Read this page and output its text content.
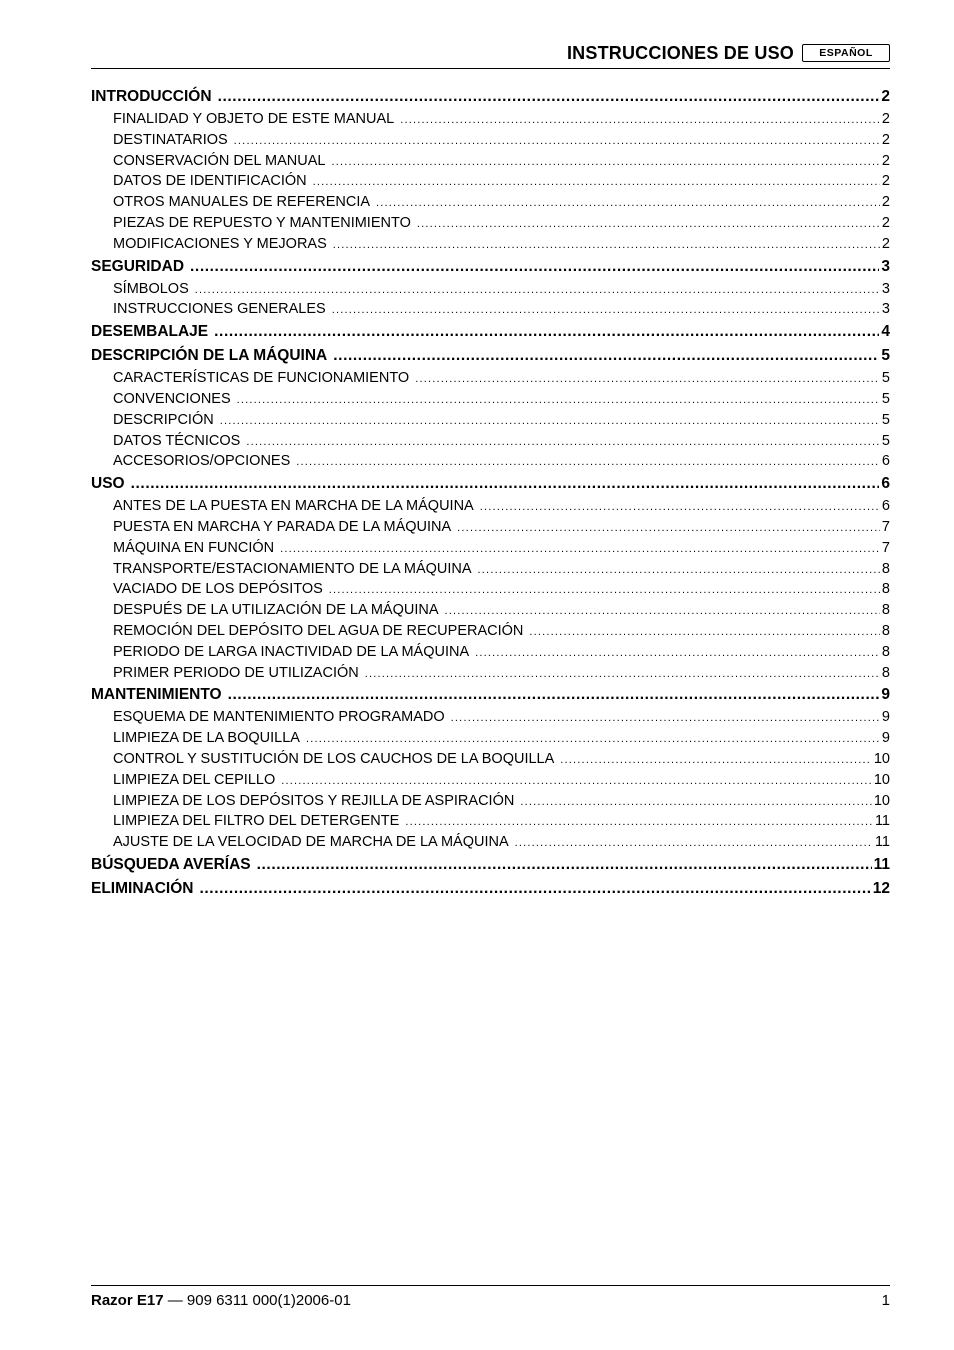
INSTRUCCIONES DE USO	ESPAÑOL
INTRODUCCIÓN .....	2
FINALIDAD Y OBJETO DE ESTE MANUAL .....	2
DESTINATARIOS .....	2
CONSERVACIÓN DEL MANUAL .....	2
DATOS DE IDENTIFICACIÓN .....	2
OTROS MANUALES DE REFERENCIA .....	2
PIEZAS DE REPUESTO Y MANTENIMIENTO .....	2
MODIFICACIONES Y MEJORAS .....	2
SEGURIDAD .....	3
SÍMBOLOS .....	3
INSTRUCCIONES GENERALES .....	3
DESEMBALAJE .....	4
DESCRIPCIÓN DE LA MÁQUINA .....	5
CARACTERÍSTICAS DE FUNCIONAMIENTO .....	5
CONVENCIONES .....	5
DESCRIPCIÓN .....	5
DATOS TÉCNICOS .....	5
ACCESORIOS/OPCIONES .....	6
USO .....	6
ANTES DE LA PUESTA EN MARCHA DE LA MÁQUINA .....	6
PUESTA EN MARCHA Y PARADA DE LA MÁQUINA .....	7
MÁQUINA EN FUNCIÓN .....	7
TRANSPORTE/ESTACIONAMIENTO DE LA MÁQUINA .....	8
VACIADO DE LOS DEPÓSITOS .....	8
DESPUÉS DE LA UTILIZACIÓN DE LA MÁQUINA .....	8
REMOCIÓN DEL DEPÓSITO DEL AGUA DE RECUPERACIÓN .....	8
PERIODO DE LARGA INACTIVIDAD DE LA MÁQUINA .....	8
PRIMER PERIODO DE UTILIZACIÓN .....	8
MANTENIMIENTO .....	9
ESQUEMA DE MANTENIMIENTO PROGRAMADO .....	9
LIMPIEZA DE LA BOQUILLA .....	9
CONTROL Y SUSTITUCIÓN DE LOS CAUCHOS DE LA BOQUILLA .....	10
LIMPIEZA DEL CEPILLO .....	10
LIMPIEZA DE LOS DEPÓSITOS Y REJILLA DE ASPIRACIÓN .....	10
LIMPIEZA DEL FILTRO DEL DETERGENTE .....	11
AJUSTE DE LA VELOCIDAD DE MARCHA DE LA MÁQUINA .....	11
BÚSQUEDA AVERÍAS .....	11
ELIMINACIÓN .....	12
Razor E17 — 909 6311 000(1)2006-01	1
